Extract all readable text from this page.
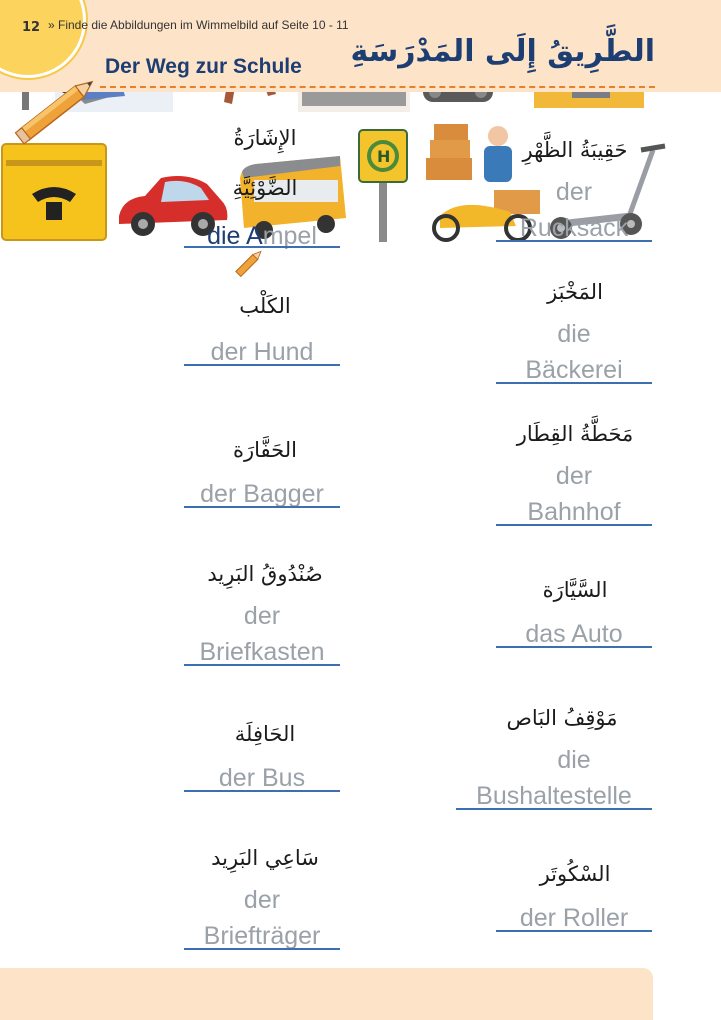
12
Der Weg zur Schule الطَّرِيقُ إِلَى المَدْرَسَةِ

الإِشَارَةُ
الضَّوْئِيَّةِ
die Ampel

حَقِيبَةُ الظَّهْرِ
der
Rucksack

الكَلْب
der Hund

المَخْبَز
die
Bäckerei

الحَفَّارَة
der Bagger

مَحَطَّةُ القِطَار
der
Bahnhof

صُنْدُوقُ البَرِيد
der
Briefkasten

السَّيَّارَة
das Auto

الحَافِلَة
der Bus
H

مَوْقِفُ البَاص
die
Bushaltestelle

سَاعِي البَرِيد
der
Briefträger
السْكُوتَر
der Roller
» Finde die Abbildungen im Wimmelbild auf Seite 10 - 11
